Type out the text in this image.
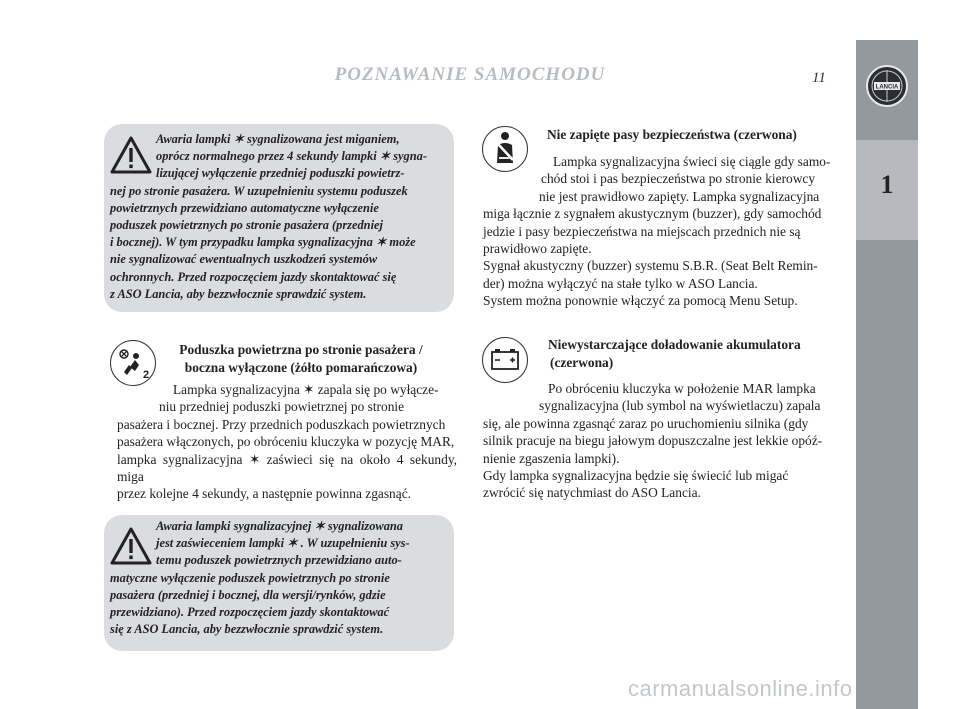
POZNAWANIE SAMOCHODU	11
LANCIA
1
Awaria lampki ✶ sygnalizowana jest miganiem,
oprócz normalnego przez 4 sekundy lampki ✶ sygna-
lizującej wyłączenie przedniej poduszki powietrz-
nej po stronie pasażera. W uzupełnieniu systemu poduszek
powietrznych przewidziano automatyczne wyłączenie
poduszek powietrznych po stronie pasażera (przedniej
i bocznej). W tym przypadku lampka sygnalizacyjna ✶ może
nie sygnalizować ewentualnych uszkodzeń systemów
ochronnych. Przed rozpoczęciem jazdy skontaktować się
z ASO Lancia, aby bezzwłocznie sprawdzić system.
2
Poduszka powietrzna po stronie pasażera /
boczna wyłączone (żółto pomarańczowa)
Lampka sygnalizacyjna ✶ zapala się po wyłącze-
niu przedniej poduszki powietrznej po stronie
pasażera i bocznej. Przy przednich poduszkach powietrznych
pasażera włączonych, po obróceniu kluczyka w pozycję MAR,
lampka sygnalizacyjna ✶ zaświeci się na około 4 sekundy, miga
przez kolejne 4 sekundy, a następnie powinna zgasnąć.
Awaria lampki sygnalizacyjnej ✶ sygnalizowana
jest zaświeceniem lampki ✶ . W uzupełnieniu sys-
temu poduszek powietrznych przewidziano auto-
matyczne wyłączenie poduszek powietrznych po stronie
pasażera (przedniej i bocznej, dla wersji/rynków, gdzie
przewidziano). Przed rozpoczęciem jazdy skontaktować
się z ASO Lancia, aby bezzwłocznie sprawdzić system.
Nie zapięte pasy bezpieczeństwa (czerwona)
Lampka sygnalizacyjna świeci się ciągle gdy samo-
chód stoi i pas bezpieczeństwa po stronie kierowcy
nie jest prawidłowo zapięty. Lampka sygnalizacyjna
miga łącznie z sygnałem akustycznym (buzzer), gdy samochód
jedzie i pasy bezpieczeństwa na miejscach przednich nie są
prawidłowo zapięte.
Sygnał akustyczny (buzzer) systemu S.B.R. (Seat Belt Remin-
der) można wyłączyć na stałe tylko w ASO Lancia.
System można ponownie włączyć za pomocą Menu Setup.
Niewystarczające doładowanie akumulatora
(czerwona)
Po obróceniu kluczyka w położenie MAR lampka
sygnalizacyjna (lub symbol na wyświetlaczu) zapala
się, ale powinna zgasnąć zaraz po uruchomieniu silnika (gdy
silnik pracuje na biegu jałowym dopuszczalne jest lekkie opóź-
nienie zgaszenia lampki).
Gdy lampka sygnalizacyjna będzie się świecić lub migać
zwrócić się natychmiast do ASO Lancia.
carmanualsonline.info
